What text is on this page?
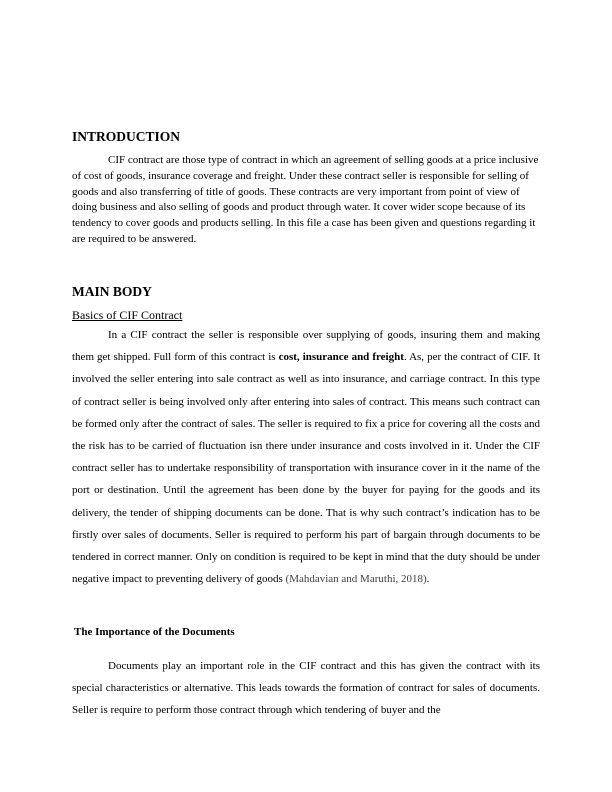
INTRODUCTION

CIF contract are those type of contract in which an agreement of selling goods at a price inclusive of cost of goods, insurance coverage and freight. Under these contract seller is responsible for selling of goods and also transferring of title of goods. These contracts are very important from point of view of doing business and also selling of goods and product through water. It cover wider scope because of its tendency to cover goods and products selling. In this file a case has been given and questions regarding it are required to be answered.

MAIN BODY

Basics of CIF Contract

In a CIF contract the seller is responsible over supplying of goods, insuring them and making them get shipped. Full form of this contract is cost, insurance and freight. As, per the contract of CIF. It involved the seller entering into sale contract as well as into insurance, and carriage contract. In this type of contract seller is being involved only after entering into sales of contract. This means such contract can be formed only after the contract of sales. The seller is required to fix a price for covering all the costs and the risk has to be carried of fluctuation isn there under insurance and costs involved in it. Under the CIF contract seller has to undertake responsibility of transportation with insurance cover in it the name of the port or destination. Until the agreement has been done by the buyer for paying for the goods and its delivery, the tender of shipping documents can be done. That is why such contract’s indication has to be firstly over sales of documents. Seller is required to perform his part of bargain through documents to be tendered in correct manner. Only on condition is required to be kept in mind that the duty should be under negative impact to preventing delivery of goods (Mahdavian and Maruthi, 2018).

The Importance of the Documents

Documents play an important role in the CIF contract and this has given the contract with its special characteristics or alternative. This leads towards the formation of contract for sales of documents. Seller is require to perform those contract through which tendering of buyer and the
